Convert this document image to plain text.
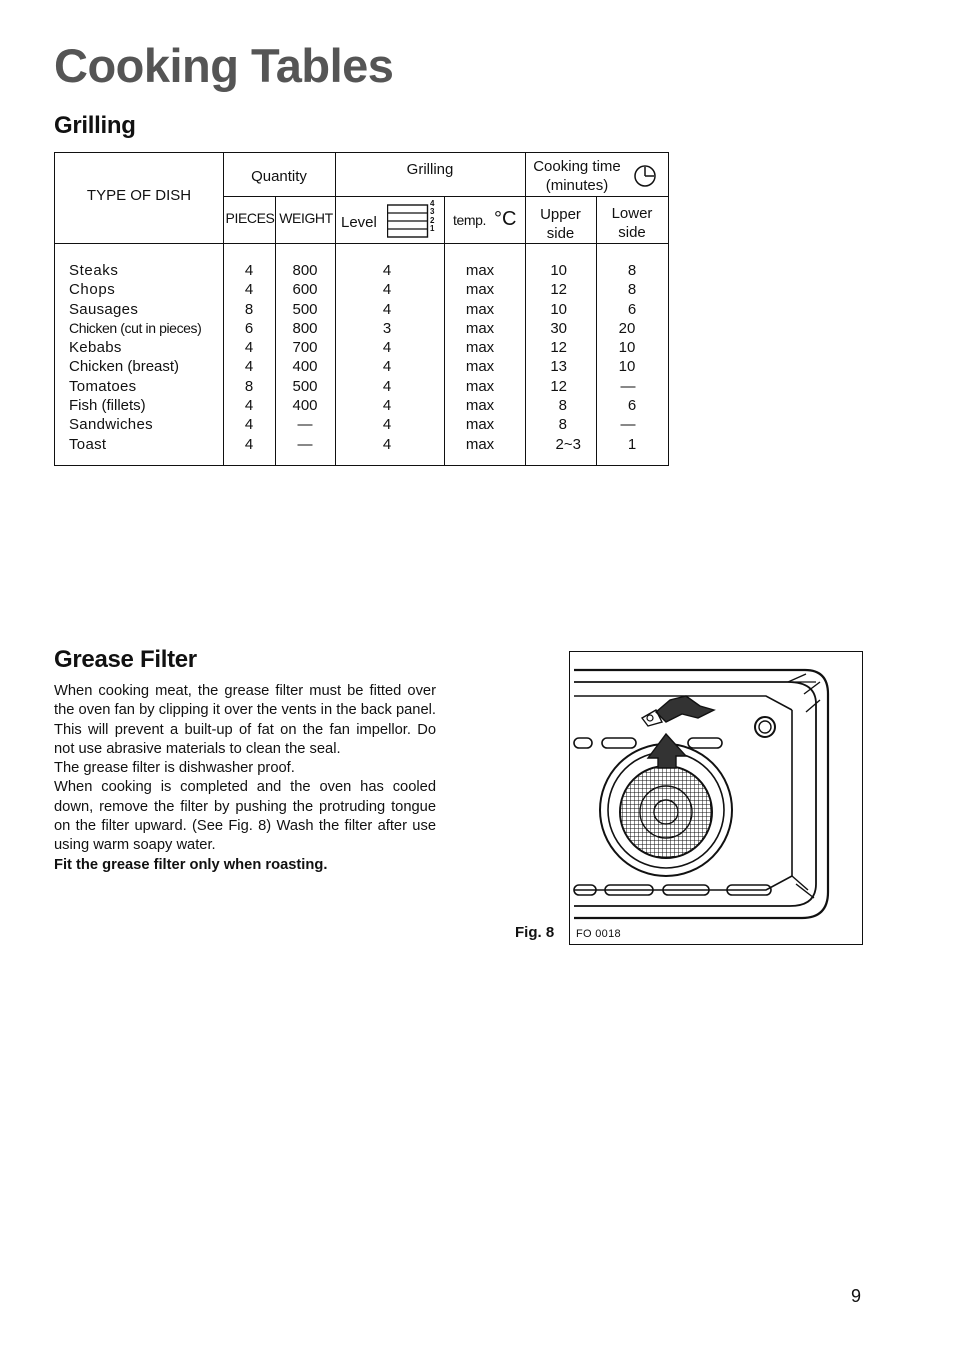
Cooking Tables
Grilling
TYPE OF DISH
Quantity
PIECES WEIGHT
Grilling
Level
4
3
2
1
temp. °C
Cooking time
(minutes)
Upper
side
Lower
side
Steaks
Chops
Sausages
Chicken (cut in pieces)
Kebabs
Chicken (breast)
Tomatoes
Fish (fillets)
Sandwiches
Toast
4
4
8
6
4
4
8
4
4
4
800
600
500
800
700
400
500
400
—
—
4
4
4
3
4
4
4
4
4
4
max
max
max
max
max
max
max
max
max
max
10
12
10
30
12
13
12
8
8
2~3
8
8
6
20
10
10
—
6
—
1
Grease Filter

When cooking meat, the grease filter must be fitted over the oven fan by clipping it over the vents in the back panel. This will prevent a built-up of fat on the fan impellor. Do not use abrasive materials to clean the seal.

The grease filter is dishwasher proof.

When cooking is completed and the oven has cooled down, remove the filter by pushing the protruding tongue on the filter upward. (See Fig. 8) Wash the filter after use using warm soapy water.

Fit the grease filter only when roasting.

Fig. 8 FO 0018
9
